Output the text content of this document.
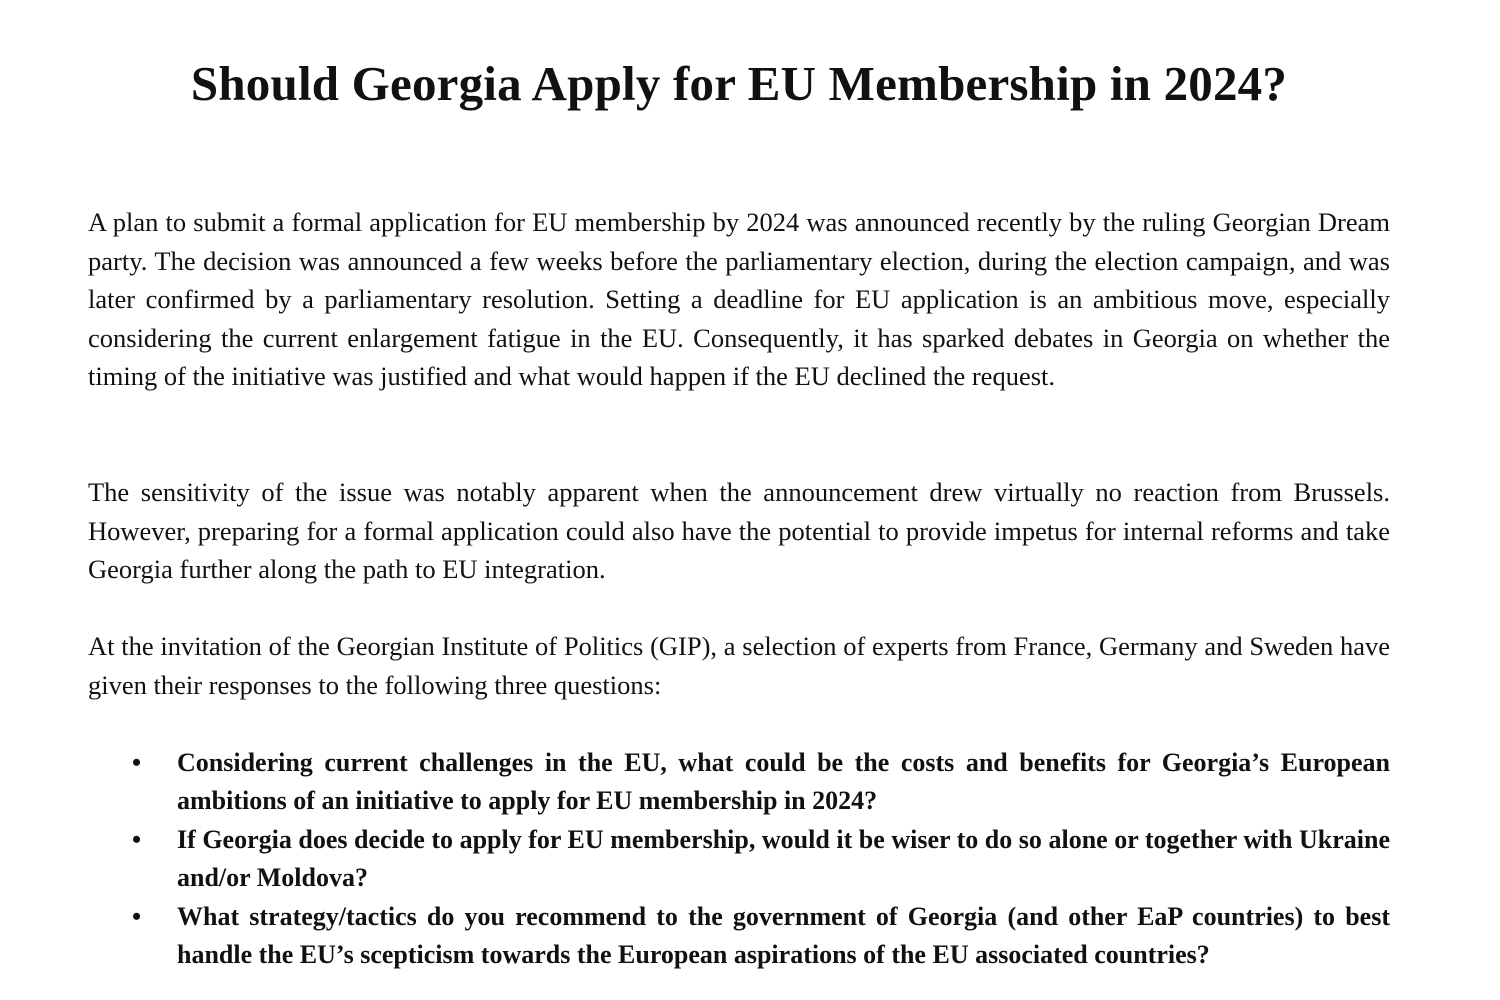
Should Georgia Apply for EU Membership in 2024?

A plan to submit a formal application for EU membership by 2024 was announced recently by the ruling Georgian Dream party. The decision was announced a few weeks before the parliamentary election, during the election campaign, and was later confirmed by a parliamentary resolution. Setting a deadline for EU application is an ambitious move, especially considering the current enlargement fatigue in the EU. Consequently, it has sparked debates in Georgia on whether the timing of the initiative was justified and what would happen if the EU declined the request.

The sensitivity of the issue was notably apparent when the announcement drew virtually no reaction from Brussels. However, preparing for a formal application could also have the potential to provide impetus for internal reforms and take Georgia further along the path to EU integration.

At the invitation of the Georgian Institute of Politics (GIP), a selection of experts from France, Germany and Sweden have given their responses to the following three questions:

• Considering current challenges in the EU, what could be the costs and benefits for Georgia’s European ambitions of an initiative to apply for EU membership in 2024?
• If Georgia does decide to apply for EU membership, would it be wiser to do so alone or together with Ukraine and/or Moldova?
• What strategy/tactics do you recommend to the government of Georgia (and other EaP countries) to best handle the EU’s scepticism towards the European aspirations of the EU associated countries?
